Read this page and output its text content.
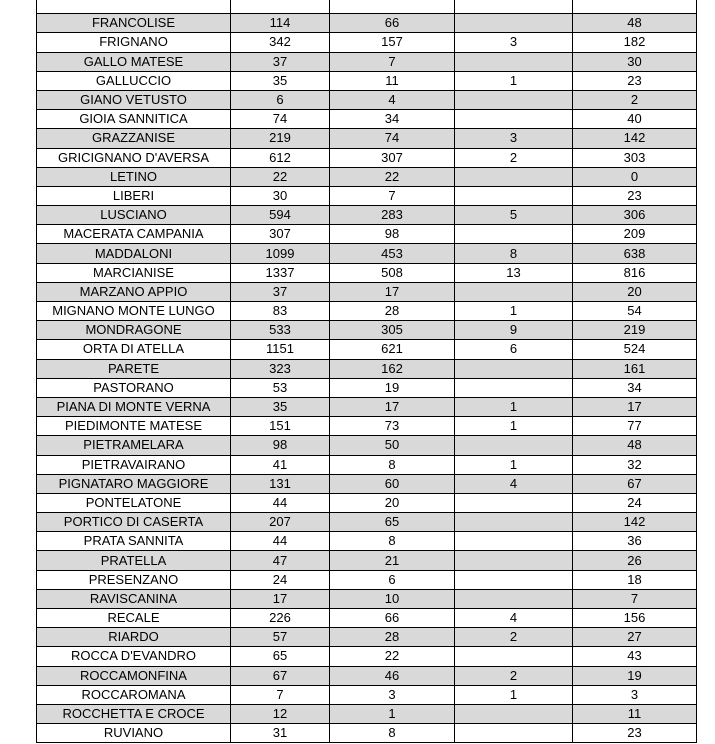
FRANCOLISE	114	66		48
FRIGNANO	342	157	3	182
GALLO MATESE	37	7		30
GALLUCCIO	35	11	1	23
GIANO VETUSTO	6	4		2
GIOIA SANNITICA	74	34		40
GRAZZANISE	219	74	3	142
GRICIGNANO D'AVERSA	612	307	2	303
LETINO	22	22		0
LIBERI	30	7		23
LUSCIANO	594	283	5	306
MACERATA CAMPANIA	307	98		209
MADDALONI	1099	453	8	638
MARCIANISE	1337	508	13	816
MARZANO APPIO	37	17		20
MIGNANO MONTE LUNGO	83	28	1	54
MONDRAGONE	533	305	9	219
ORTA DI ATELLA	1151	621	6	524
PARETE	323	162		161
PASTORANO	53	19		34
PIANA DI MONTE VERNA	35	17	1	17
PIEDIMONTE MATESE	151	73	1	77
PIETRAMELARA	98	50		48
PIETRAVAIRANO	41	8	1	32
PIGNATARO MAGGIORE	131	60	4	67
PONTELATONE	44	20		24
PORTICO DI CASERTA	207	65		142
PRATA SANNITA	44	8		36
PRATELLA	47	21		26
PRESENZANO	24	6		18
RAVISCANINA	17	10		7
RECALE	226	66	4	156
RIARDO	57	28	2	27
ROCCA D'EVANDRO	65	22		43
ROCCAMONFINA	67	46	2	19
ROCCAROMANA	7	3	1	3
ROCCHETTA E CROCE	12	1		11
RUVIANO	31	8		23
